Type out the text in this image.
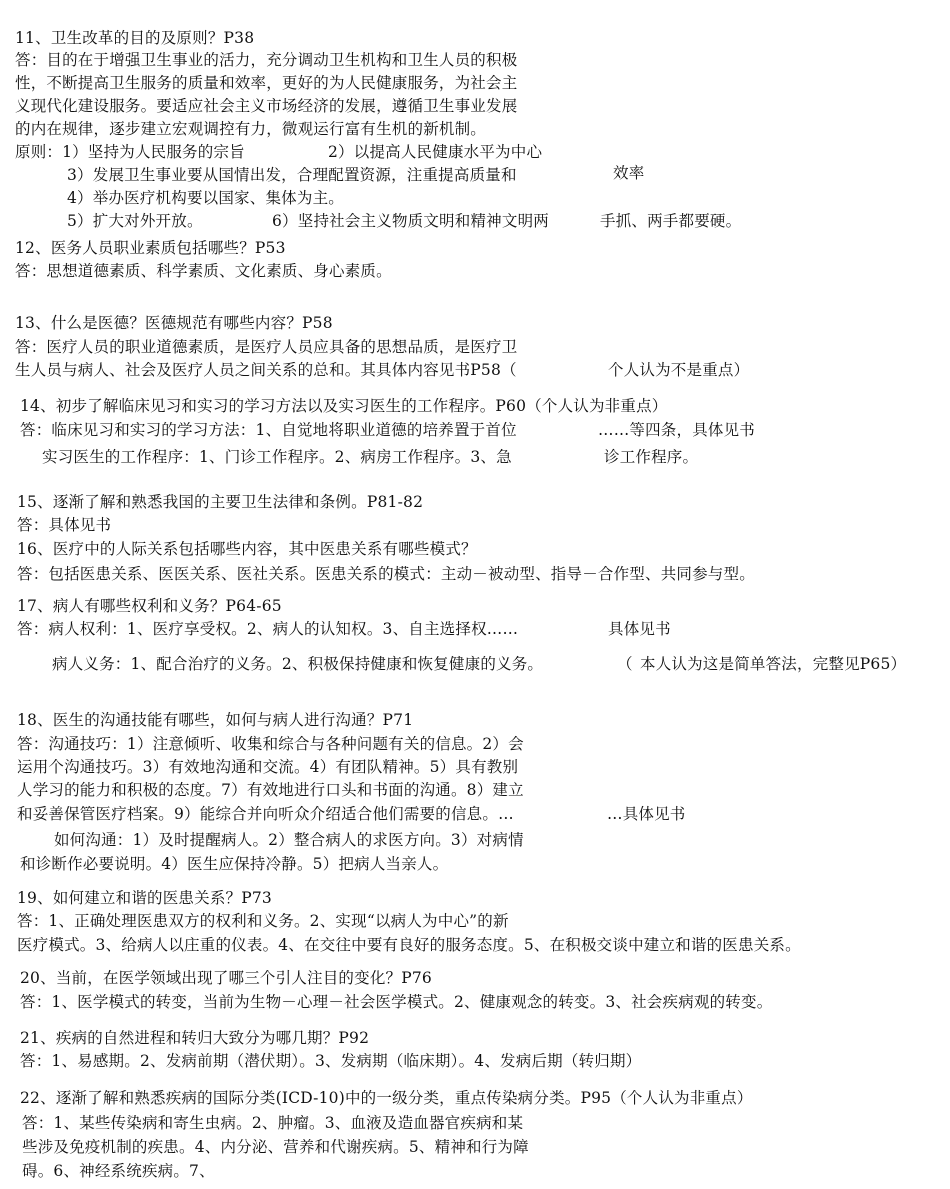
11、卫生改革的目的及原则？P38
答：目的在于增强卫生事业的活力，充分调动卫生机构和卫生人员的积极
性，不断提高卫生服务的质量和效率，更好的为人民健康服务，为社会主
义现代化建设服务。要适应社会主义市场经济的发展，遵循卫生事业发展
的内在规律，逐步建立宏观调控有力，微观运行富有生机的新机制。
原则：1）坚持为人民服务的宗旨	2）以提高人民健康水平为中心
3）发展卫生事业要从国情出发，合理配置资源，注重提高质量和	效率
4）举办医疗机构要以国家、集体为主。
5）扩大对外开放。	6）坚持社会主义物质文明和精神文明两	手抓、两手都要硬。
12、医务人员职业素质包括哪些？P53
答：思想道德素质、科学素质、文化素质、身心素质。
13、什么是医德？医德规范有哪些内容？P58
答：医疗人员的职业道德素质，是医疗人员应具备的思想品质，是医疗卫
生人员与病人、社会及医疗人员之间关系的总和。其具体内容见书P58（	个人认为不是重点）
14、初步了解临床见习和实习的学习方法以及实习医生的工作程序。P60（个人认为非重点）
答：临床见习和实习的学习方法：1、自觉地将职业道德的培养置于首位	……等四条，具体见书
实习医生的工作程序：1、门诊工作程序。2、病房工作程序。3、急	诊工作程序。
15、逐渐了解和熟悉我国的主要卫生法律和条例。P81-82
答：具体见书
16、医疗中的人际关系包括哪些内容，其中医患关系有哪些模式？
答：包括医患关系、医医关系、医社关系。医患关系的模式：主动－被动型、指导－合作型、共同参与型。
17、病人有哪些权利和义务？P64-65
答：病人权利：1、医疗享受权。2、病人的认知权。3、自主选择权……	具体见书
病人义务：1、配合治疗的义务。2、积极保持健康和恢复健康的义务。	（ 本人认为这是简单答法，完整见P65）
18、医生的沟通技能有哪些，如何与病人进行沟通？P71
答：沟通技巧：1）注意倾听、收集和综合与各种问题有关的信息。2）会
运用个沟通技巧。3）有效地沟通和交流。4）有团队精神。5）具有教别
人学习的能力和积极的态度。7）有效地进行口头和书面的沟通。8）建立
和妥善保管医疗档案。9）能综合并向听众介绍适合他们需要的信息。…	…具体见书
如何沟通：1）及时提醒病人。2）整合病人的求医方向。3）对病情
和诊断作必要说明。4）医生应保持冷静。5）把病人当亲人。
19、如何建立和谐的医患关系？P73
答：1、正确处理医患双方的权利和义务。2、实现“以病人为中心”的新
医疗模式。3、给病人以庄重的仪表。4、在交往中要有良好的服务态度。5、在积极交谈中建立和谐的医患关系。
20、当前，在医学领域出现了哪三个引人注目的变化？P76
答：1、医学模式的转变，当前为生物－心理－社会医学模式。2、健康观念的转变。3、社会疾病观的转变。
21、疾病的自然进程和转归大致分为哪几期？P92
答：1、易感期。2、发病前期（潜伏期）。3、发病期（临床期）。4、发病后期（转归期）
22、逐渐了解和熟悉疾病的国际分类(ICD-10)中的一级分类，重点传染病分类。P95（个人认为非重点）
答：1、某些传染病和寄生虫病。2、肿瘤。3、血液及造血器官疾病和某
些涉及免疫机制的疾患。4、内分泌、营养和代谢疾病。5、精神和行为障
碍。6、神经系统疾病。7、
